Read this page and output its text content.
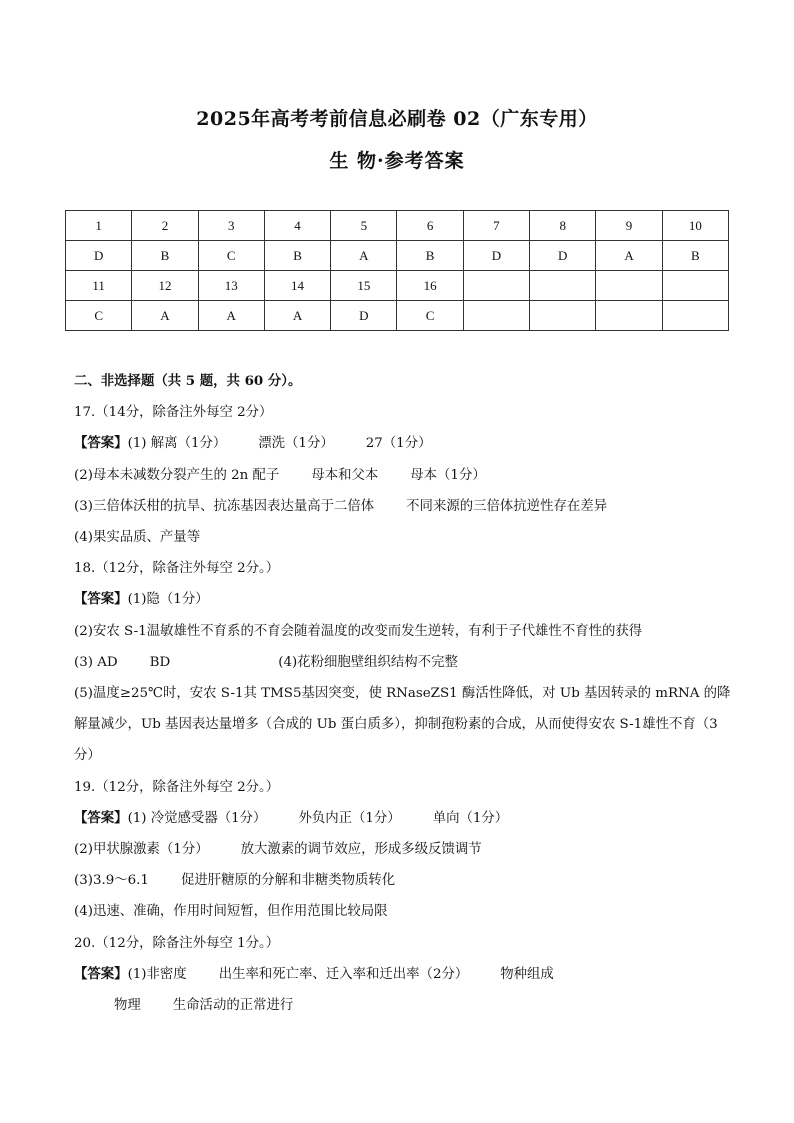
2025年高考考前信息必刷卷 02（广东专用）
生 物·参考答案
1	2	3	4	5	6	7	8	9	10
D	B	C	B	A	B	D	D	A	B
11	12	13	14	15	16				
C	A	A	A	D	C				
二、非选择题（共 5 题，共 60 分）。
17.（14分，除备注外每空 2分）
【答案】(1) 解离（1分） 漂洗（1分） 27（1分）
(2)母本未减数分裂产生的 2n 配子 母本和父本 母本（1分）
(3)三倍体沃柑的抗旱、抗冻基因表达量高于二倍体 不同来源的三倍体抗逆性存在差异
(4)果实品质、产量等
18.（12分，除备注外每空 2分。）
【答案】(1)隐（1分）
(2)安农 S-1温敏雄性不育系的不育会随着温度的改变而发生逆转，有利于子代雄性不育性的获得
(3) AD BD	(4)花粉细胞壁组织结构不完整
(5)温度≥25℃时，安农 S-1其 TMS5基因突变，使 RNaseZS1 酶活性降低，对 Ub 基因转录的 mRNA 的降解量减少，Ub 基因表达量增多（合成的 Ub 蛋白质多），抑制孢粉素的合成，从而使得安农 S-1雄性不育（3分）
19.（12分，除备注外每空 2分。）
【答案】(1) 冷觉感受器（1分） 外负内正（1分） 单向（1分）
(2)甲状腺激素（1分） 放大激素的调节效应，形成多级反馈调节
(3)3.9～6.1 促进肝糖原的分解和非糖类物质转化
(4)迅速、准确，作用时间短暂，但作用范围比较局限
20.（12分，除备注外每空 1分。）
【答案】(1)非密度 出生率和死亡率、迁入率和迁出率（2分） 物种组成
物理 生命活动的正常进行
